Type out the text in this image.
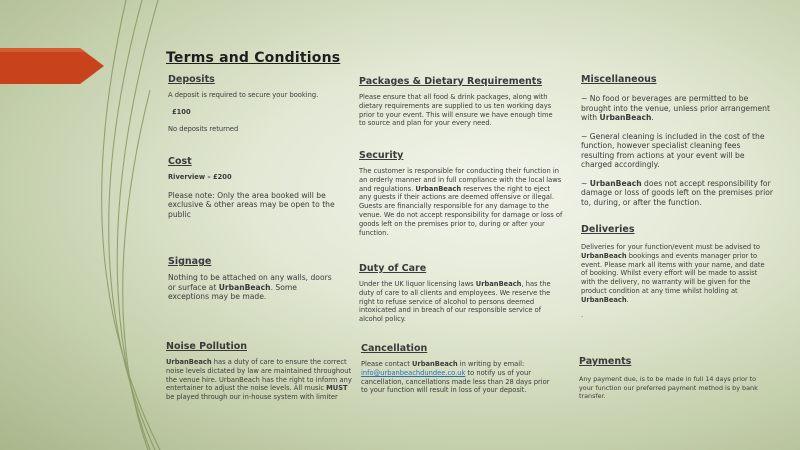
Terms and Conditions
Deposits

A deposit is required to secure your booking.

£100

No deposits returned

Cost

Riverview – £200

Please note: Only the area booked will be exclusive & other areas may be open to the public

Signage

Nothing to be attached on any walls, doors or surface at UrbanBeach. Some exceptions may be made.

Noise Pollution

UrbanBeach has a duty of care to ensure the correct noise levels dictated by law are maintained throughout the venue hire. UrbanBeach has the right to inform any entertainer to adjust the noise levels. All music MUST be played through our in-house system with limiter

Packages & Dietary Requirements

Please ensure that all food & drink packages, along with dietary requirements are supplied to us ten working days prior to your event. This will ensure we have enough time to source and plan for your every need.

Security

The customer is responsible for conducting their function in an orderly manner and in full compliance with the local laws and regulations. UrbanBeach reserves the right to eject any guests if their actions are deemed offensive or illegal. Guests are financially responsible for any damage to the venue. We do not accept responsibility for damage or loss of goods left on the premises prior to, during or after your function.

Duty of Care

Under the UK liquor licensing laws UrbanBeach, has the duty of care to all clients and employees. We reserve the right to refuse service of alcohol to persons deemed intoxicated and in breach of our responsible service of alcohol policy.

Cancellation

Please contact UrbanBeach in writing by email: info@urbanbeachdundee.co.uk to notify us of your cancellation, cancellations made less than 28 days prior to your function will result in loss of your deposit.

Miscellaneous

~ No food or beverages are permitted to be brought into the venue, unless prior arrangement with UrbanBeach.

~ General cleaning is included in the cost of the function, however specialist cleaning fees resulting from actions at your event will be charged accordingly.

~ UrbanBeach does not accept responsibility for damage or loss of goods left on the premises prior to, during, or after the function.

Deliveries

Deliveries for your function/event must be advised to UrbanBeach bookings and events manager prior to event. Please mark all items with your name, and date of booking. Whilst every effort will be made to assist with the delivery, no warranty will be given for the product condition at any time whilst holding at UrbanBeach.

.

Payments

Any payment due, is to be made in full 14 days prior to your function our preferred payment method is by bank transfer.
